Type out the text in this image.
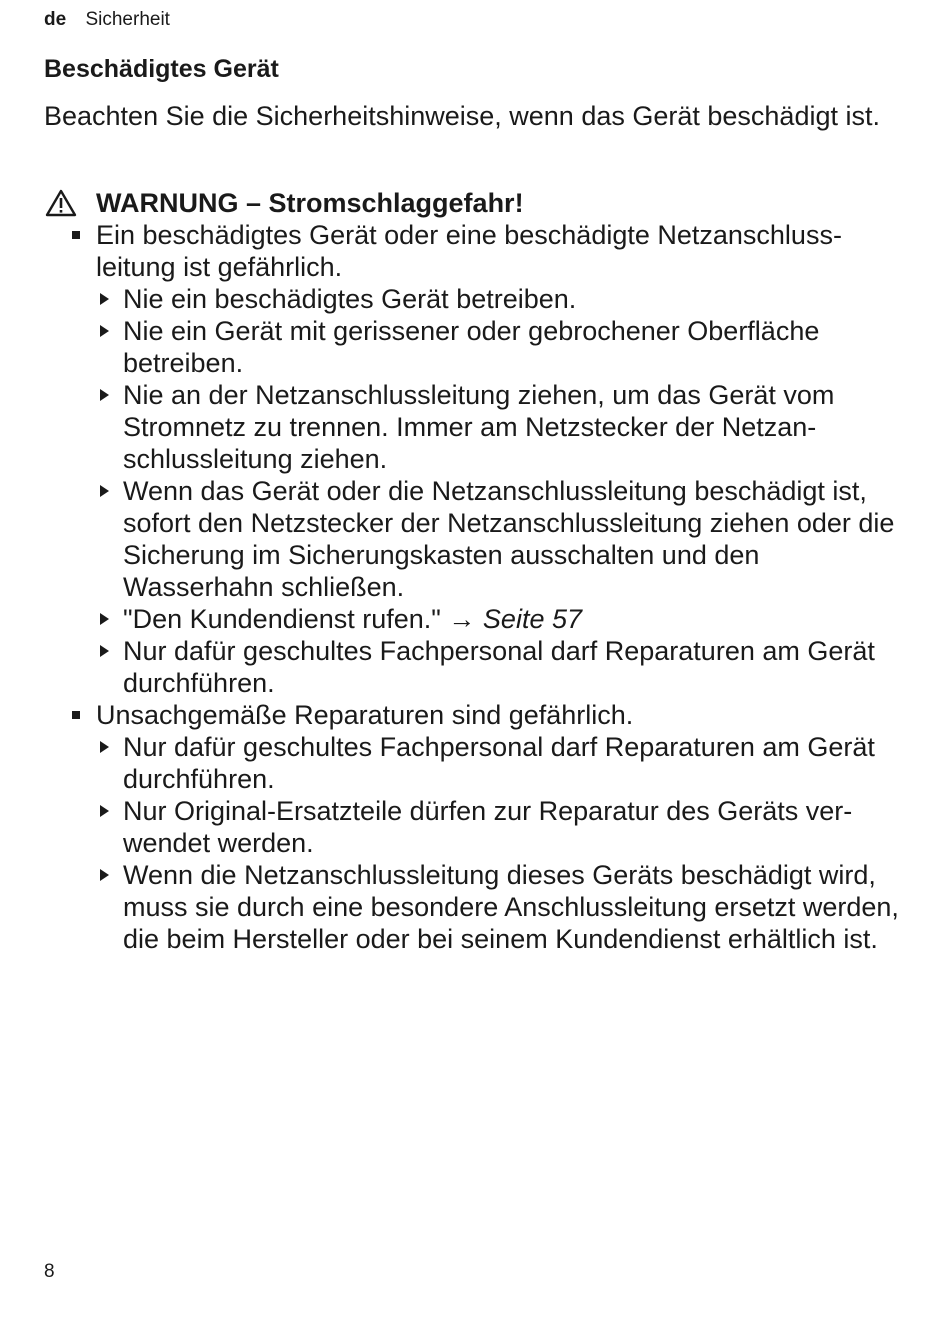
de Sicherheit
Beschädigtes Gerät
Beachten Sie die Sicherheitshinweise, wenn das Gerät beschädigt ist.
WARNUNG – Stromschlaggefahr!
Ein beschädigtes Gerät oder eine beschädigte Netzanschlussleitung ist gefährlich.
Nie ein beschädigtes Gerät betreiben.
Nie ein Gerät mit gerissener oder gebrochener Oberfläche betreiben.
Nie an der Netzanschlussleitung ziehen, um das Gerät vom Stromnetz zu trennen. Immer am Netzstecker der Netzanschlussleitung ziehen.
Wenn das Gerät oder die Netzanschlussleitung beschädigt ist, sofort den Netzstecker der Netzanschlussleitung ziehen oder die Sicherung im Sicherungskasten ausschalten und den Wasserhahn schließen.
"Den Kundendienst rufen." → Seite 57
Nur dafür geschultes Fachpersonal darf Reparaturen am Gerät durchführen.
Unsachgemäße Reparaturen sind gefährlich.
Nur dafür geschultes Fachpersonal darf Reparaturen am Gerät durchführen.
Nur Original-Ersatzteile dürfen zur Reparatur des Geräts verwendet werden.
Wenn die Netzanschlussleitung dieses Geräts beschädigt wird, muss sie durch eine besondere Anschlussleitung ersetzt werden, die beim Hersteller oder bei seinem Kundendienst erhältlich ist.
8
